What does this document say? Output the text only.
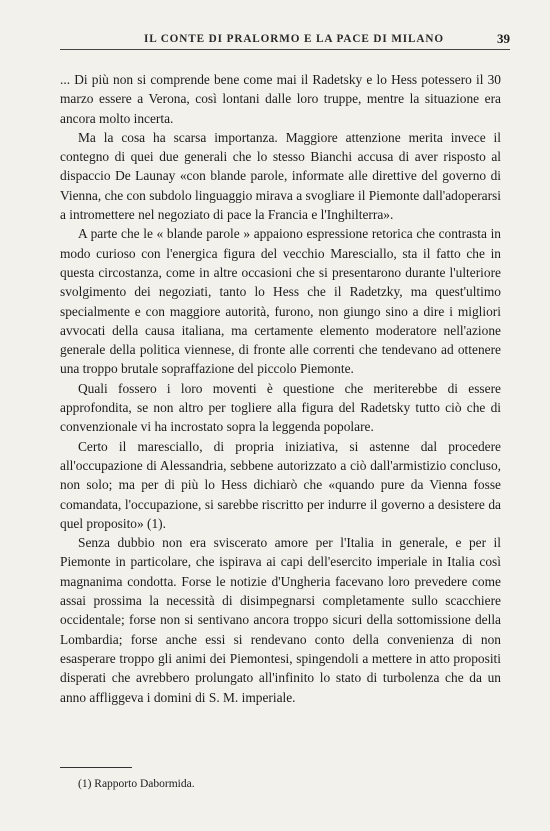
IL CONTE DI PRALORMO E LA PACE DI MILANO	39

... Di più non si comprende bene come mai il Radetsky e lo Hess potessero il 30 marzo essere a Verona, così lontani dalle loro truppe, mentre la situazione era ancora molto incerta.

Ma la cosa ha scarsa importanza. Maggiore attenzione merita invece il contegno di quei due generali che lo stesso Bianchi accusa di aver risposto al dispaccio De Launay «con blande parole, informate alle direttive del governo di Vienna, che con subdolo linguaggio mirava a svogliare il Piemonte dall'adoperarsi a intromettere nel negoziato di pace la Francia e l'Inghilterra».

A parte che le « blande parole » appaiono espressione retorica che contrasta in modo curioso con l'energica figura del vecchio Maresciallo, sta il fatto che in questa circostanza, come in altre occasioni che si presentarono durante l'ulteriore svolgimento dei negoziati, tanto lo Hess che il Radetzky, ma quest'ultimo specialmente e con maggiore autorità, furono, non giungo sino a dire i migliori avvocati della causa italiana, ma certamente elemento moderatore nell'azione generale della politica viennese, di fronte alle correnti che tendevano ad ottenere una troppo brutale sopraffazione del piccolo Piemonte.

Quali fossero i loro moventi è questione che meriterebbe di essere approfondita, se non altro per togliere alla figura del Radetsky tutto ciò che di convenzionale vi ha incrostato sopra la leggenda popolare.

Certo il maresciallo, di propria iniziativa, si astenne dal procedere all'occupazione di Alessandria, sebbene autorizzato a ciò dall'armistizio concluso, non solo; ma per di più lo Hess dichiarò che «quando pure da Vienna fosse comandata, l'occupazione, si sarebbe riscritto per indurre il governo a desistere da quel proposito» (1).

Senza dubbio non era sviscerato amore per l'Italia in generale, e per il Piemonte in particolare, che ispirava ai capi dell'esercito imperiale in Italia così magnanima condotta. Forse le notizie d'Ungheria facevano loro prevedere come assai prossima la necessità di disimpegnarsi completamente sullo scacchiere occidentale; forse non si sentivano ancora troppo sicuri della sottomissione della Lombardia; forse anche essi si rendevano conto della convenienza di non esasperare troppo gli animi dei Piemontesi, spingendoli a mettere in atto propositi disperati che avrebbero prolungato all'infinito lo stato di turbolenza che da un anno affliggeva i domini di S. M. imperiale.

(1) Rapporto Dabormida.
